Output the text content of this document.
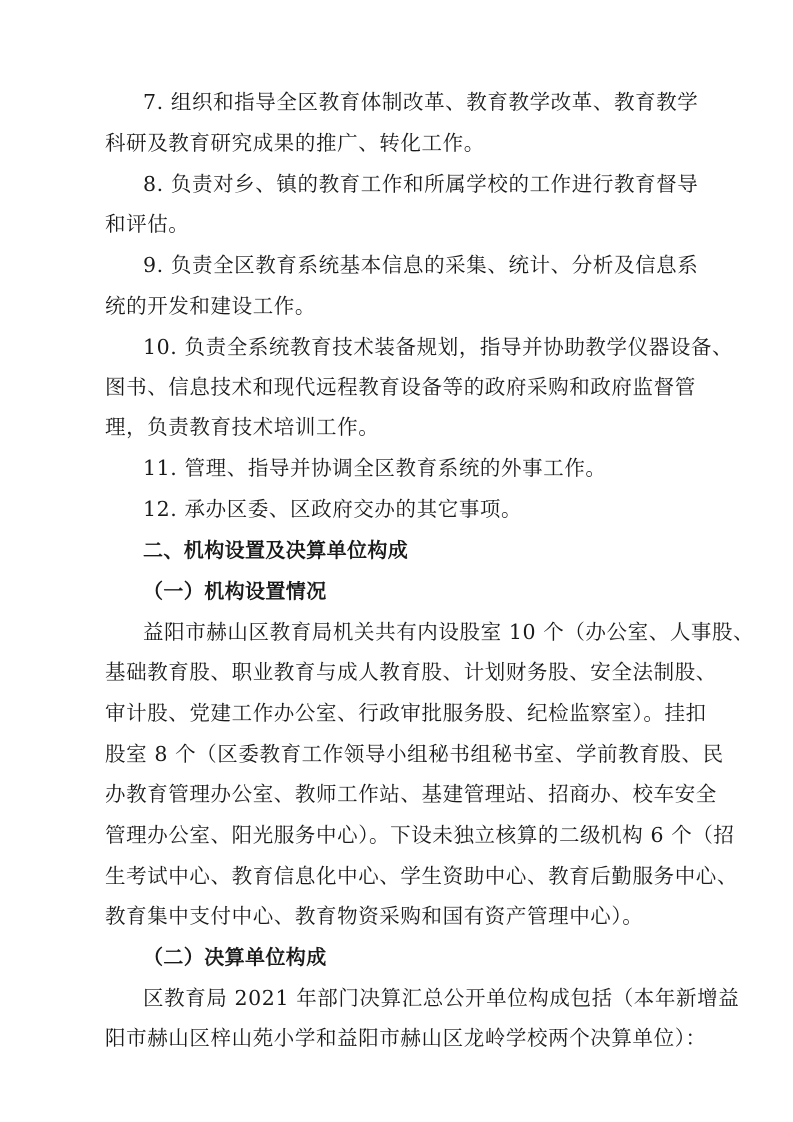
7. 组织和指导全区教育体制改革、教育教学改革、教育教学
科研及教育研究成果的推广、转化工作。
8. 负责对乡、镇的教育工作和所属学校的工作进行教育督导
和评估。
9. 负责全区教育系统基本信息的采集、统计、分析及信息系
统的开发和建设工作。
10. 负责全系统教育技术装备规划，指导并协助教学仪器设备、
图书、信息技术和现代远程教育设备等的政府采购和政府监督管
理，负责教育技术培训工作。
11. 管理、指导并协调全区教育系统的外事工作。
12. 承办区委、区政府交办的其它事项。
二、机构设置及决算单位构成
（一）机构设置情况
益阳市赫山区教育局机关共有内设股室 10 个（办公室、人事股、
基础教育股、职业教育与成人教育股、计划财务股、安全法制股、
审计股、党建工作办公室、行政审批服务股、纪检监察室）。挂扣
股室 8 个（区委教育工作领导小组秘书组秘书室、学前教育股、民
办教育管理办公室、教师工作站、基建管理站、招商办、校车安全
管理办公室、阳光服务中心）。下设未独立核算的二级机构 6 个（招
生考试中心、教育信息化中心、学生资助中心、教育后勤服务中心、
教育集中支付中心、教育物资采购和国有资产管理中心）。
（二）决算单位构成
区教育局 2021 年部门决算汇总公开单位构成包括（本年新增益
阳市赫山区梓山苑小学和益阳市赫山区龙岭学校两个决算单位）：
